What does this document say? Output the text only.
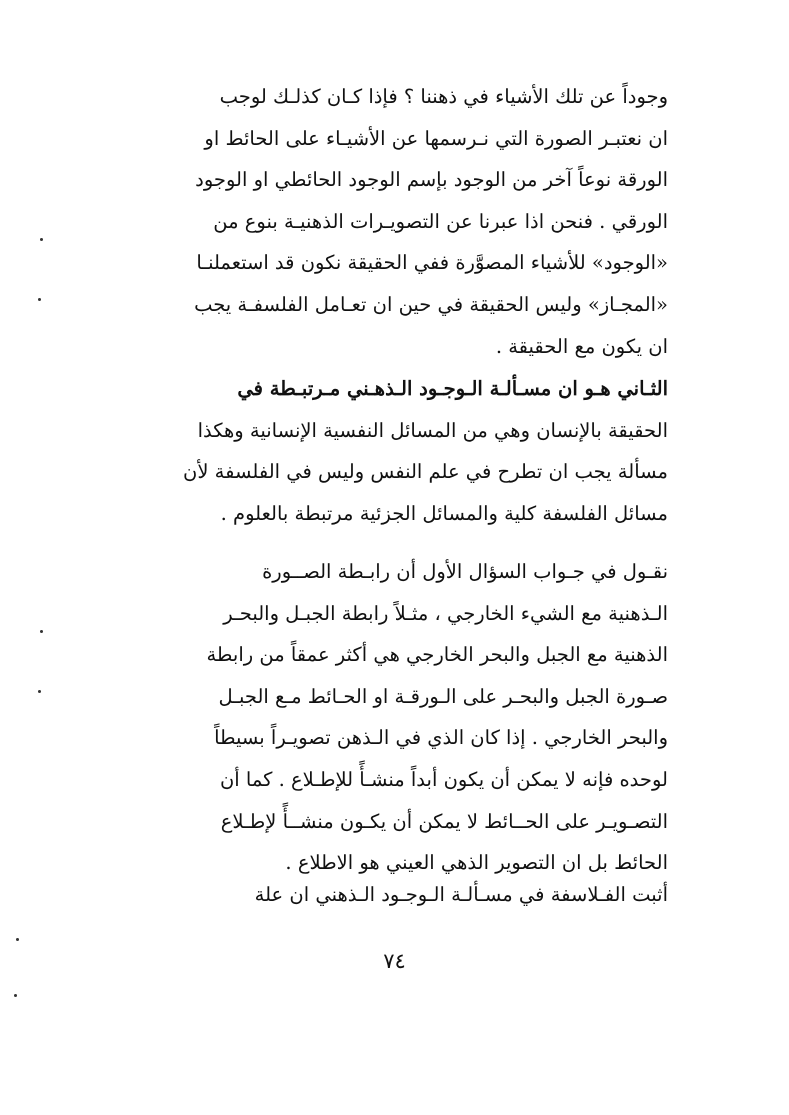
وجوداً عن تلك الأشياء في ذهننا ؟ فإذا كـان كذلـك لوجب
ان نعتبـر الصورة التي نـرسمها عن الأشيـاء على الحائط او
الورقة نوعاً آخر من الوجود بإسم الوجود الحائطي او الوجود
الورقي . فنحن اذا عبرنا عن التصويـرات الذهنيـة بنوع من
«الوجود» للأشياء المصوَّرة ففي الحقيقة نكون قد استعملنـا
«المجـاز» وليس الحقيقة في حين ان تعـامل الفلسفـة يجب
ان يكون مع الحقيقة .
الثـاني هـو ان مسـألـة الـوجـود الـذهـني مـرتبـطة في
الحقيقة بالإنسان وهي من المسائل النفسية الإنسانية وهكذا
مسألة يجب ان تطرح في علم النفس وليس في الفلسفة لأن
مسائل الفلسفة كلية والمسائل الجزئية مرتبطة بالعلوم .
نقـول في جـواب السؤال الأول أن رابـطة الصــورة
الـذهنية مع الشيء الخارجي ، مثـلاً رابطة الجبـل والبحـر
الذهنية مع الجبل والبحر الخارجي هي أكثر عمقاً من رابطة
صـورة الجبل والبحـر على الـورقـة او الحـائط مـع الجبـل
والبحر الخارجي . إذا كان الذي في الـذهن تصويـراً بسيطاً
لوحده فإنه لا يمكن أن يكون أبداً منشـأً للإطـلاع . كما أن
التصـويـر على الحــائط لا يمكن أن يكـون منشــأً لإطـلاع
الحائط بل ان التصوير الذهي العيني هو الاطلاع .
أثبت الفـلاسفة في مسـألـة الـوجـود الـذهني ان علة
٧٤
